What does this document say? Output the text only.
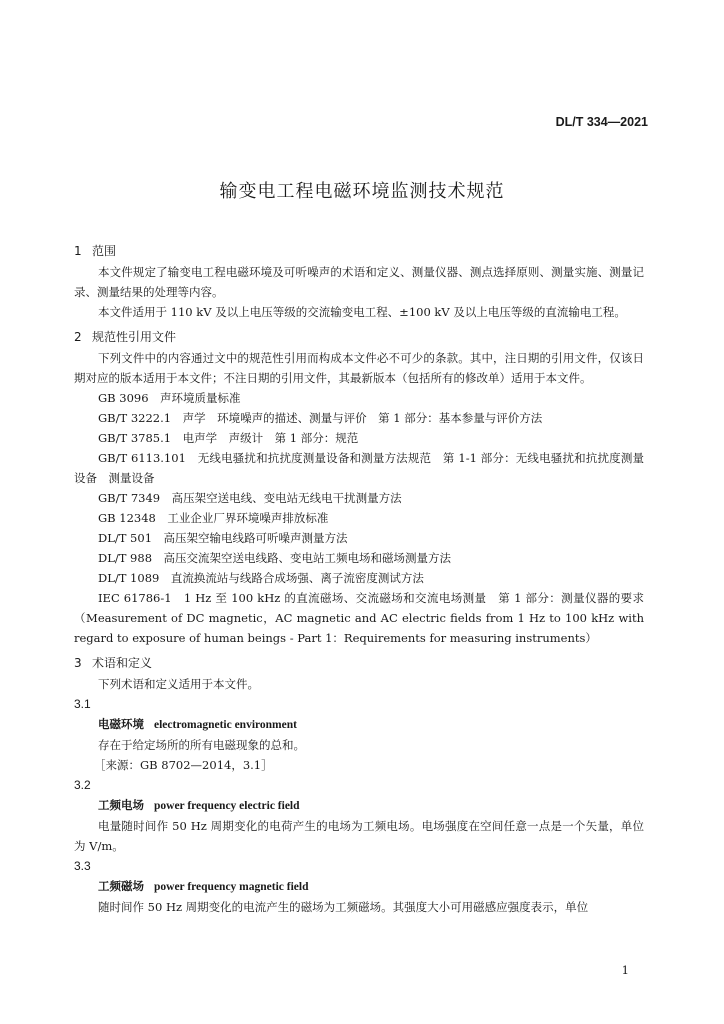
DL/T 334—2021
输变电工程电磁环境监测技术规范
1 范围
本文件规定了输变电工程电磁环境及可听噪声的术语和定义、测量仪器、测点选择原则、测量实施、测量记录、测量结果的处理等内容。
本文件适用于 110 kV 及以上电压等级的交流输变电工程、±100 kV 及以上电压等级的直流输电工程。
2 规范性引用文件
下列文件中的内容通过文中的规范性引用而构成本文件必不可少的条款。其中，注日期的引用文件，仅该日期对应的版本适用于本文件；不注日期的引用文件，其最新版本（包括所有的修改单）适用于本文件。
GB 3096　声环境质量标准
GB/T 3222.1　声学　环境噪声的描述、测量与评价　第 1 部分：基本参量与评价方法
GB/T 3785.1　电声学　声级计　第 1 部分：规范
GB/T 6113.101　无线电骚扰和抗扰度测量设备和测量方法规范　第 1-1 部分：无线电骚扰和抗扰度测量设备　测量设备
GB/T 7349　高压架空送电线、变电站无线电干扰测量方法
GB 12348　工业企业厂界环境噪声排放标准
DL/T 501　高压架空输电线路可听噪声测量方法
DL/T 988　高压交流架空送电线路、变电站工频电场和磁场测量方法
DL/T 1089　直流换流站与线路合成场强、离子流密度测试方法
IEC 61786-1　1 Hz 至 100 kHz 的直流磁场、交流磁场和交流电场测量　第 1 部分：测量仪器的要求（Measurement of DC magnetic，AC magnetic and AC electric fields from 1 Hz to 100 kHz with regard to exposure of human beings - Part 1：Requirements for measuring instruments）
3 术语和定义
下列术语和定义适用于本文件。
3.1
电磁环境 electromagnetic environment
存在于给定场所的所有电磁现象的总和。
［来源：GB 8702—2014，3.1］
3.2
工频电场 power frequency electric field
电量随时间作 50 Hz 周期变化的电荷产生的电场为工频电场。电场强度在空间任意一点是一个矢量，单位为 V/m。
3.3
工频磁场 power frequency magnetic field
随时间作 50 Hz 周期变化的电流产生的磁场为工频磁场。其强度大小可用磁感应强度表示，单位
1
